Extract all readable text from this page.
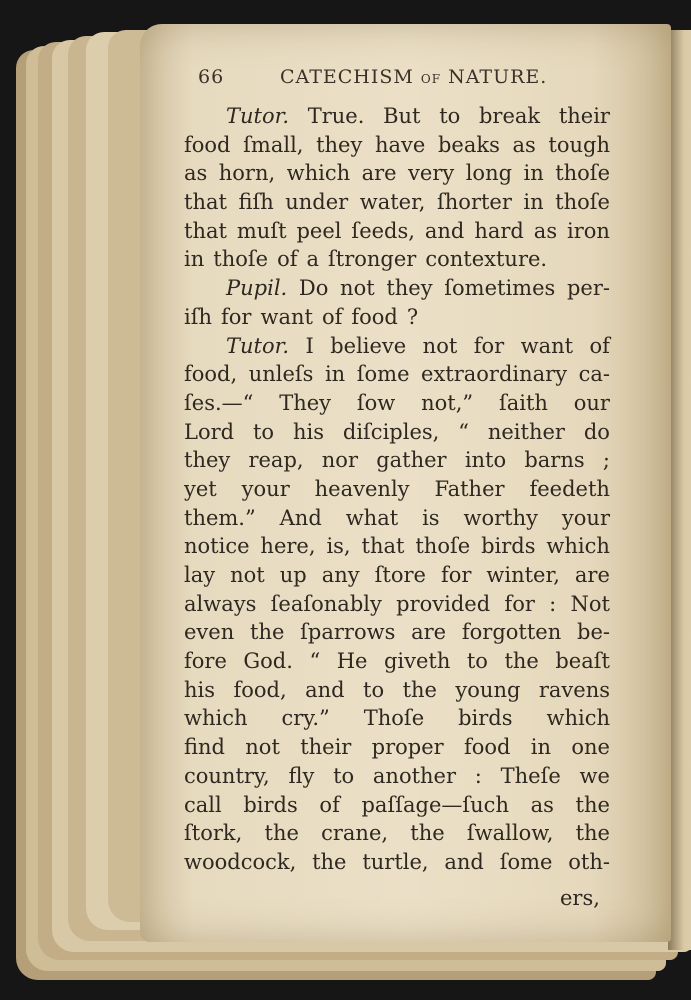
66	CATECHISM OF NATURE.
Tutor. True. But to break their
food ſmall, they have beaks as tough
as horn, which are very long in thoſe
that fiſh under water, ſhorter in thoſe
that muſt peel ſeeds, and hard as iron
in thoſe of a ſtronger contexture.
Pupil. Do not they ſometimes per-
iſh for want of food ?
Tutor. I believe not for want of
food, unleſs in ſome extraordinary ca-
ſes.—“ They ſow not,” ſaith our
Lord to his diſciples, “ neither do
they reap, nor gather into barns ;
yet your heavenly Father feedeth
them.” And what is worthy your
notice here, is, that thoſe birds which
lay not up any ſtore for winter, are
always ſeaſonably provided for : Not
even the ſparrows are forgotten be-
fore God. “ He giveth to the beaſt
his food, and to the young ravens
which cry.” Thoſe birds which
find not their proper food in one
country, fly to another : Theſe we
call birds of paſſage—ſuch as the
ſtork, the crane, the ſwallow, the
woodcock, the turtle, and ſome oth-
ers,
